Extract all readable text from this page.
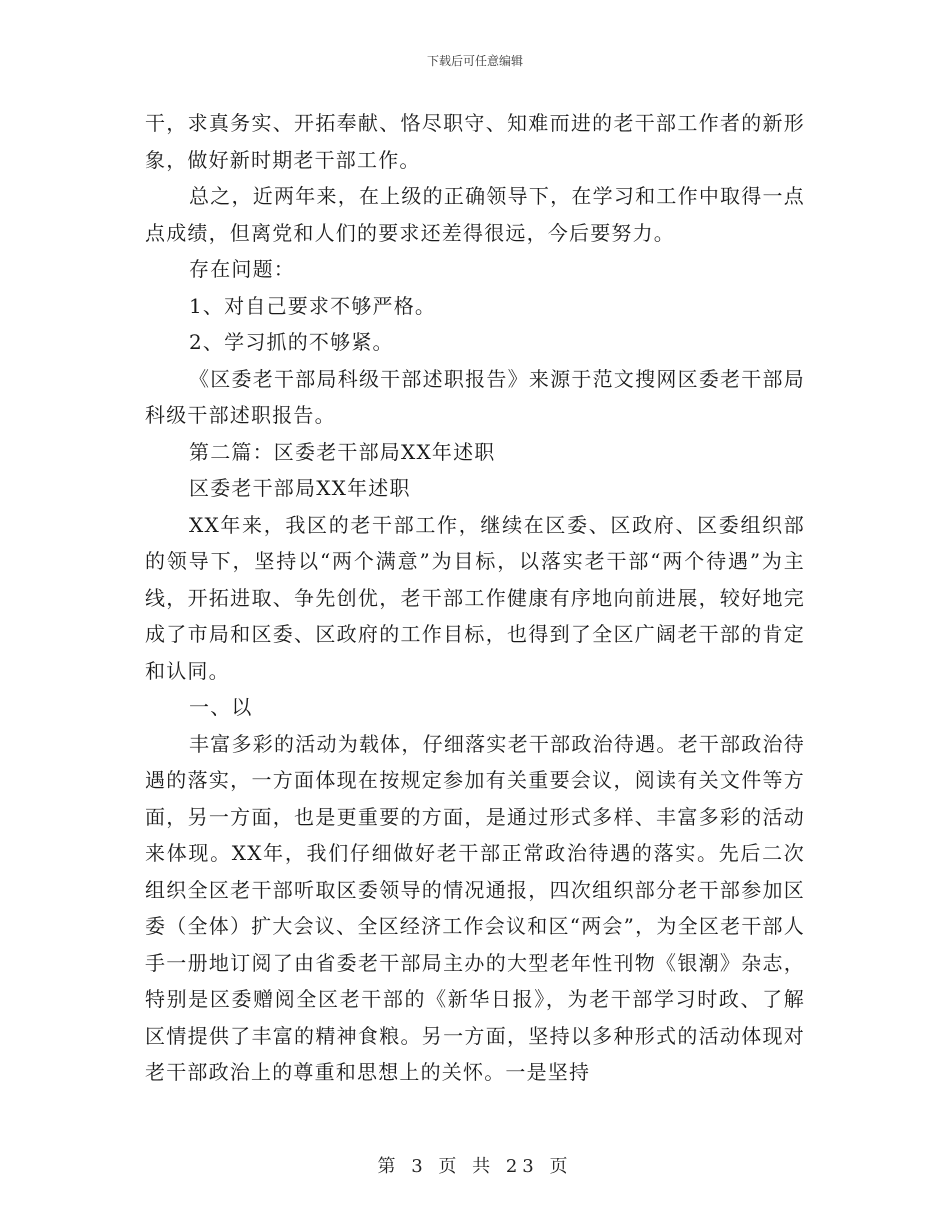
下载后可任意编辑

干，求真务实、开拓奉献、恪尽职守、知难而进的老干部工作者的新形象，做好新时期老干部工作。

总之，近两年来，在上级的正确领导下，在学习和工作中取得一点点成绩，但离党和人们的要求还差得很远，今后要努力。

存在问题：

1、对自己要求不够严格。

2、学习抓的不够紧。

《区委老干部局科级干部述职报告》来源于范文搜网区委老干部局科级干部述职报告。

第二篇：区委老干部局XX年述职

区委老干部局XX年述职

XX年来，我区的老干部工作，继续在区委、区政府、区委组织部的领导下，坚持以“两个满意”为目标，以落实老干部“两个待遇”为主线，开拓进取、争先创优，老干部工作健康有序地向前进展，较好地完成了市局和区委、区政府的工作目标，也得到了全区广阔老干部的肯定和认同。

一、以

丰富多彩的活动为载体，仔细落实老干部政治待遇。老干部政治待遇的落实，一方面体现在按规定参加有关重要会议，阅读有关文件等方面，另一方面，也是更重要的方面，是通过形式多样、丰富多彩的活动来体现。XX年，我们仔细做好老干部正常政治待遇的落实。先后二次组织全区老干部听取区委领导的情况通报，四次组织部分老干部参加区委（全体）扩大会议、全区经济工作会议和区“两会”，为全区老干部人手一册地订阅了由省委老干部局主办的大型老年性刊物《银潮》杂志，特别是区委赠阅全区老干部的《新华日报》，为老干部学习时政、了解区情提供了丰富的精神食粮。另一方面，坚持以多种形式的活动体现对老干部政治上的尊重和思想上的关怀。一是坚持

第 3 页 共 23 页
